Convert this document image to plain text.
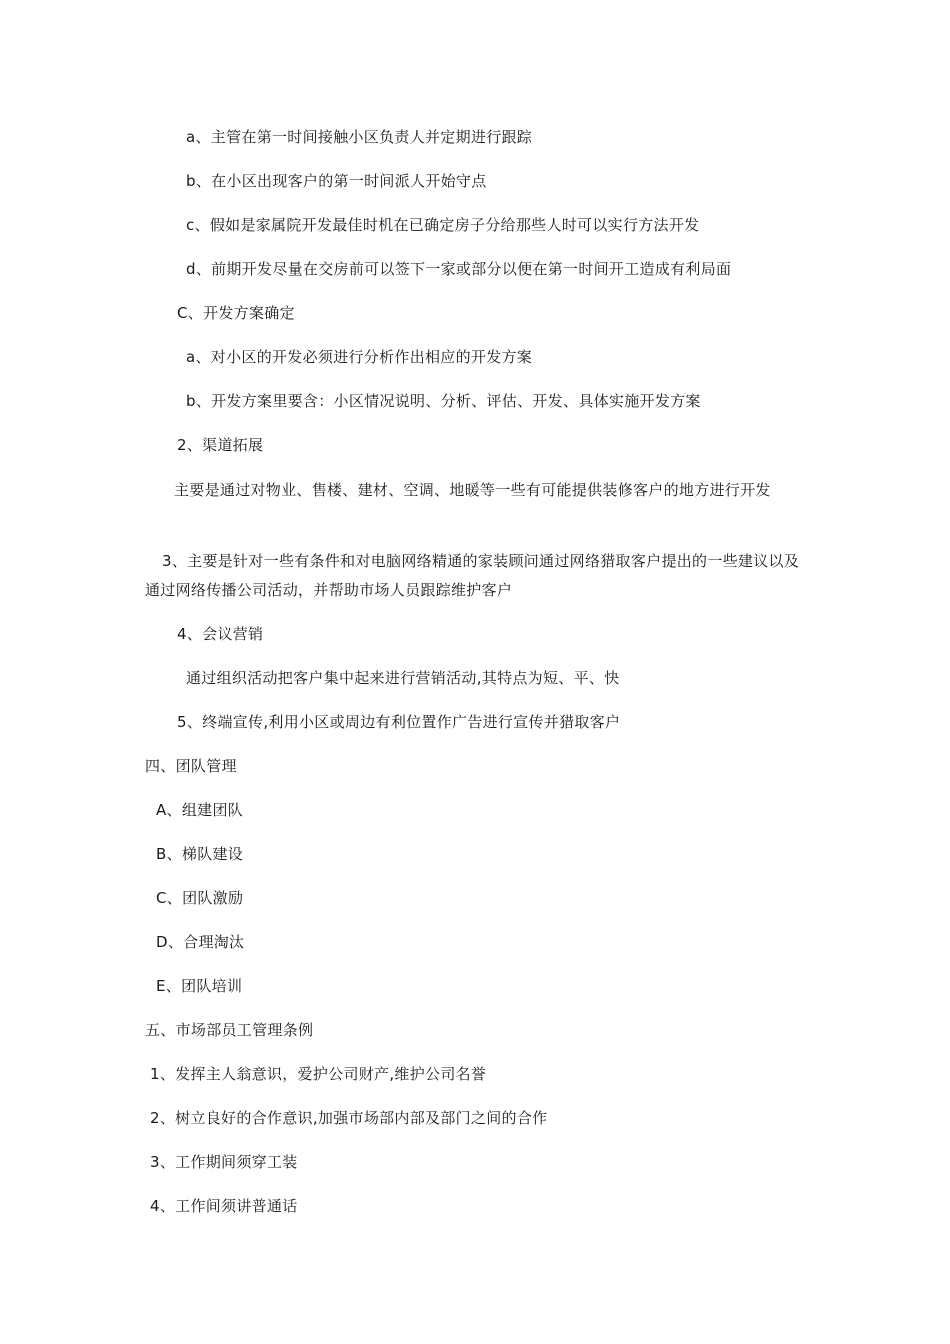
a、主管在第一时间接触小区负责人并定期进行跟踪
b、在小区出现客户的第一时间派人开始守点
c、假如是家属院开发最佳时机在已确定房子分给那些人时可以实行方法开发
d、前期开发尽量在交房前可以签下一家或部分以便在第一时间开工造成有利局面
C、开发方案确定
a、对小区的开发必须进行分析作出相应的开发方案
b、开发方案里要含：小区情况说明、分析、评估、开发、具体实施开发方案
2、渠道拓展
主要是通过对物业、售楼、建材、空调、地暖等一些有可能提供装修客户的地方进行开发
3、主要是针对一些有条件和对电脑网络精通的家装顾问通过网络猎取客户提出的一些建议以及通过网络传播公司活动，并帮助市场人员跟踪维护客户
4、会议营销
通过组织活动把客户集中起来进行营销活动,其特点为短、平、快
5、终端宣传,利用小区或周边有利位置作广告进行宣传并猎取客户
四、团队管理
A、组建团队
B、梯队建设
C、团队激励
D、合理淘汰
E、团队培训
五、市场部员工管理条例
1、发挥主人翁意识，爱护公司财产,维护公司名誉
2、树立良好的合作意识,加强市场部内部及部门之间的合作
3、工作期间须穿工装
4、工作间须讲普通话
